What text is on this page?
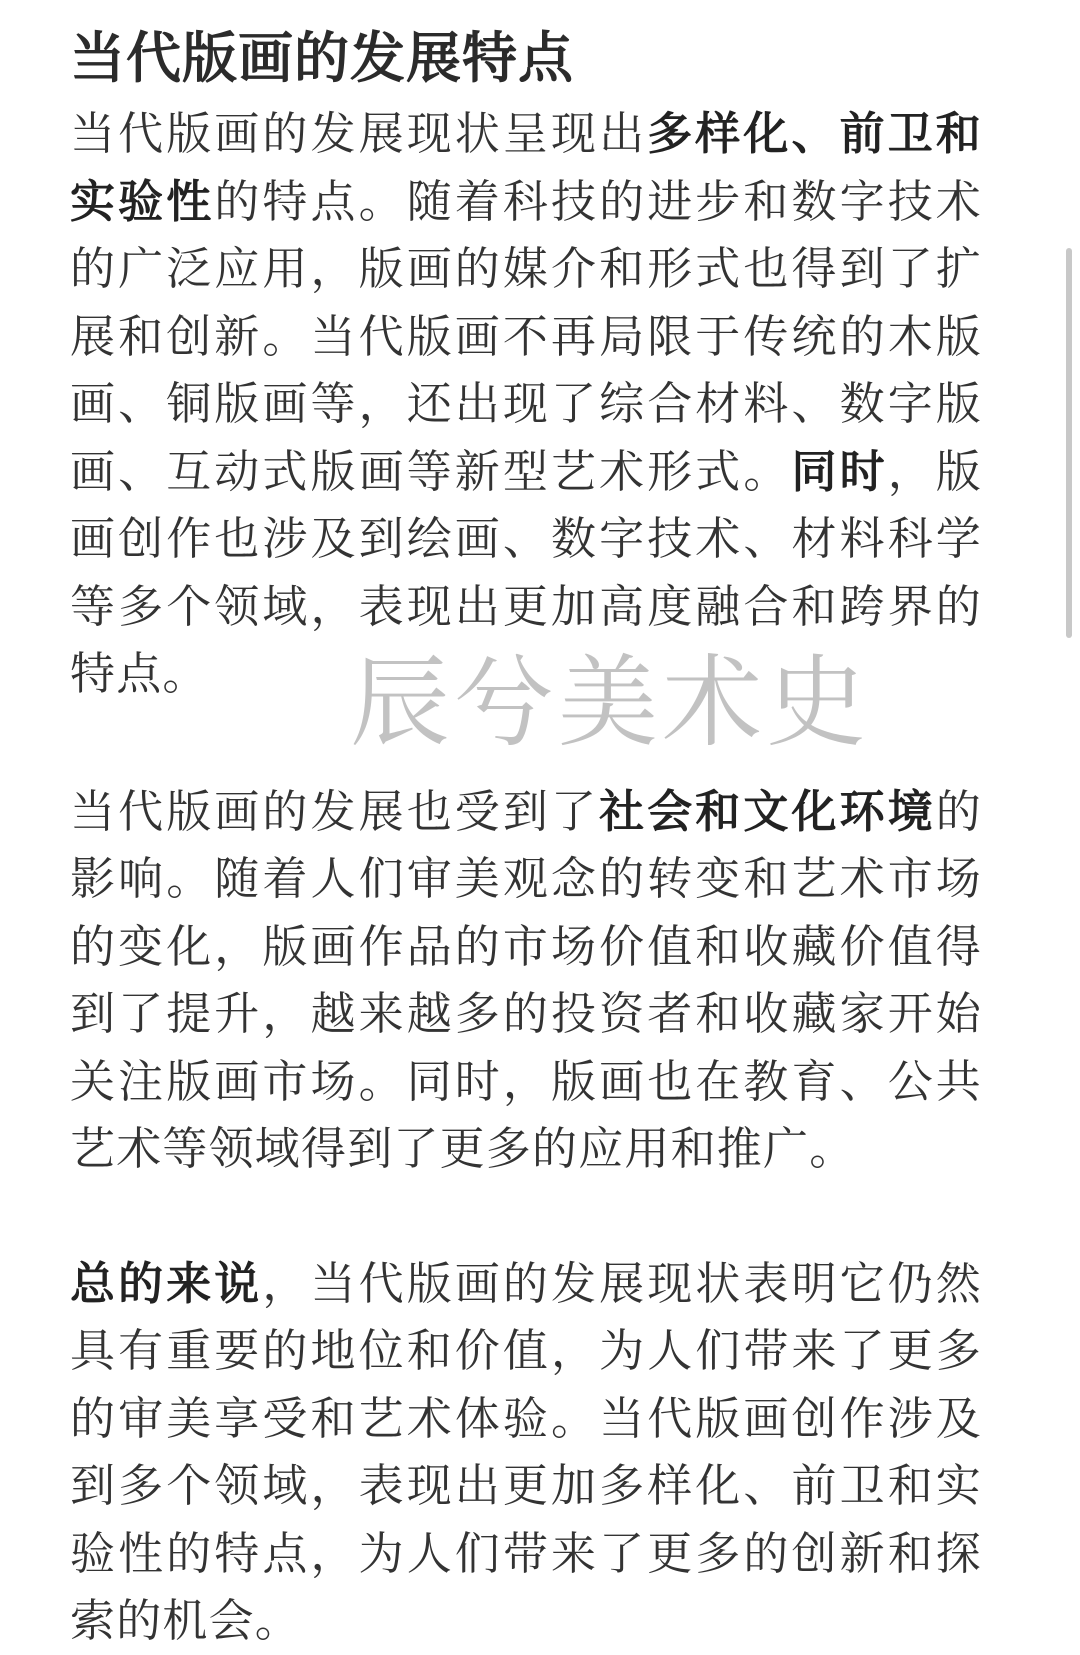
当代版画的发展特点

当代版画的发展现状呈现出多样化、前卫和实验性的特点。随着科技的进步和数字技术的广泛应用，版画的媒介和形式也得到了扩展和创新。当代版画不再局限于传统的木版画、铜版画等，还出现了综合材料、数字版画、互动式版画等新型艺术形式。同时，版画创作也涉及到绘画、数字技术、材料科学等多个领域，表现出更加高度融合和跨界的特点。

当代版画的发展也受到了社会和文化环境的影响。随着人们审美观念的转变和艺术市场的变化，版画作品的市场价值和收藏价值得到了提升，越来越多的投资者和收藏家开始关注版画市场。同时，版画也在教育、公共艺术等领域得到了更多的应用和推广。

总的来说，当代版画的发展现状表明它仍然具有重要的地位和价值，为人们带来了更多的审美享受和艺术体验。当代版画创作涉及到多个领域，表现出更加多样化、前卫和实验性的特点，为人们带来了更多的创新和探索的机会。

辰兮美术史
